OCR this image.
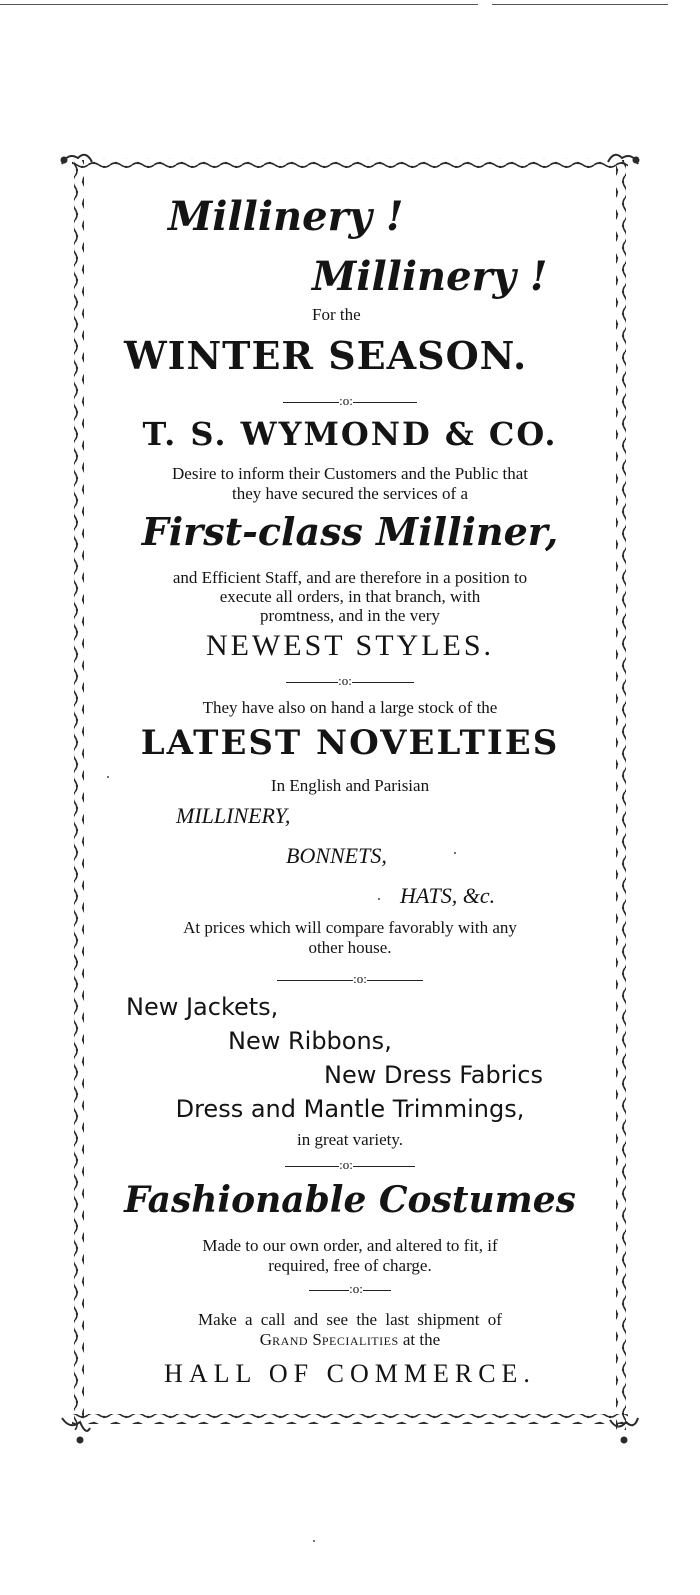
Millinery !
Millinery !
For the
WINTER SEASON.
:o:
T. S. WYMOND & CO.

Desire to inform their Customers and the Public that

they have secured the services of a

First-class Milliner,

and Efficient Staff, and are therefore in a position to

execute all orders, in that branch, with

promtness, and in the very

NEWEST STYLES.
:o:

They have also on hand a large stock of the

LATEST NOVELTIES

In English and Parisian

MILLINERY,
BONNETS,
HATS, &c.

At prices which will compare favorably with any

other house.

:o:
New Jackets,
New Ribbons,
New Dress Fabrics
Dress and Mantle Trimmings,

in great variety.

:o:
Fashionable Costumes

Made to our own order, and altered to fit, if

required, free of charge.

:o:

Make a call and see the last shipment of

GRAND SPECIALITIES at the

HALL OF COMMERCE.
